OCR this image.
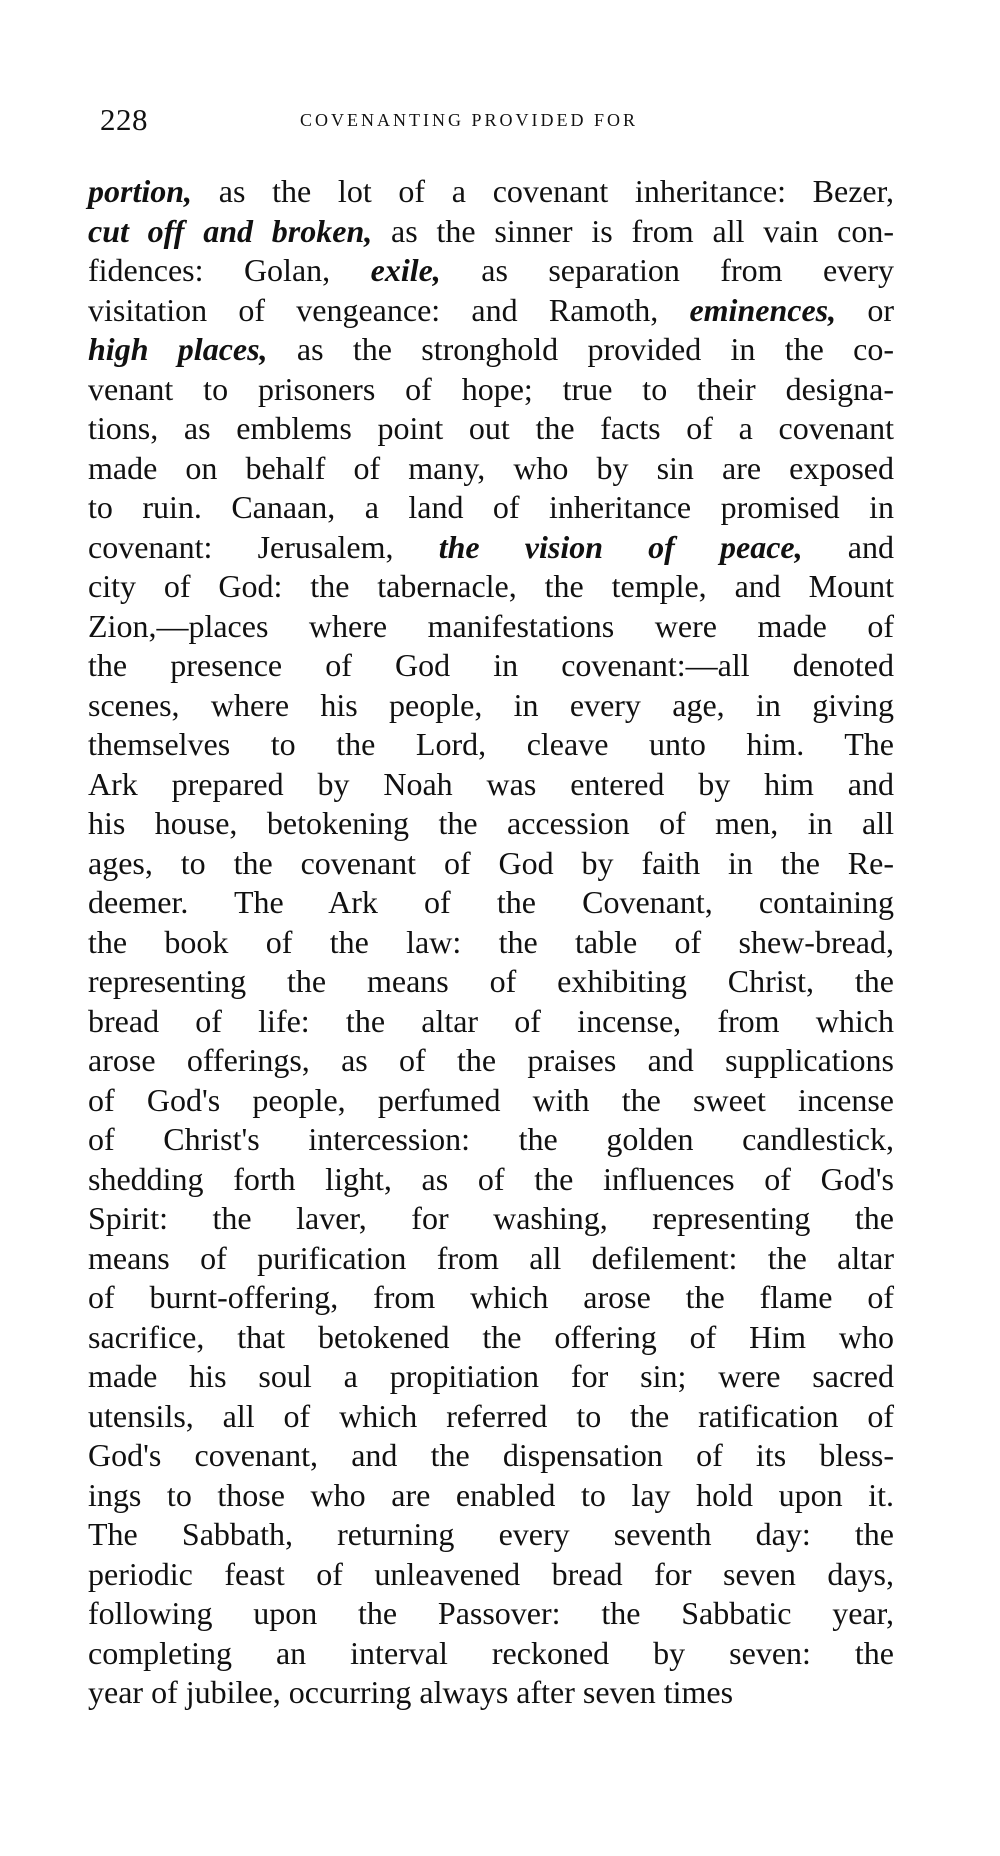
228	COVENANTING PROVIDED FOR
portion, as the lot of a covenant inheritance: Bezer,
cut off and broken, as the sinner is from all vain con-
fidences: Golan, exile, as separation from every
visitation of vengeance: and Ramoth, eminences, or
high places, as the stronghold provided in the co-
venant to prisoners of hope; true to their designa-
tions, as emblems point out the facts of a covenant
made on behalf of many, who by sin are exposed
to ruin. Canaan, a land of inheritance promised in
covenant: Jerusalem, the vision of peace, and
city of God: the tabernacle, the temple, and Mount
Zion,—places where manifestations were made of
the presence of God in covenant:—all denoted
scenes, where his people, in every age, in giving
themselves to the Lord, cleave unto him. The
Ark prepared by Noah was entered by him and
his house, betokening the accession of men, in all
ages, to the covenant of God by faith in the Re-
deemer. The Ark of the Covenant, containing
the book of the law: the table of shew-bread,
representing the means of exhibiting Christ, the
bread of life: the altar of incense, from which
arose offerings, as of the praises and supplications
of God's people, perfumed with the sweet incense
of Christ's intercession: the golden candlestick,
shedding forth light, as of the influences of God's
Spirit: the laver, for washing, representing the
means of purification from all defilement: the altar
of burnt-offering, from which arose the flame of
sacrifice, that betokened the offering of Him who
made his soul a propitiation for sin; were sacred
utensils, all of which referred to the ratification of
God's covenant, and the dispensation of its bless-
ings to those who are enabled to lay hold upon it.
The Sabbath, returning every seventh day: the
periodic feast of unleavened bread for seven days,
following upon the Passover: the Sabbatic year,
completing an interval reckoned by seven: the
year of jubilee, occurring always after seven times
